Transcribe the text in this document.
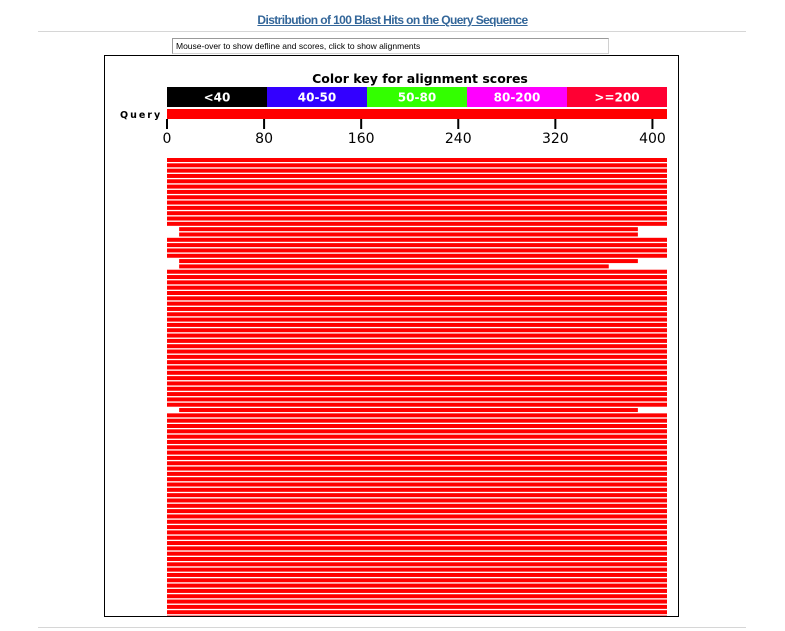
Distribution of 100 Blast Hits on the Query Sequence
Mouse-over to show defline and scores, click to show alignments
Color key for alignment scores
<40	40-50	50-80	80-200	>=200
Query
0	80	160	240	320	400
